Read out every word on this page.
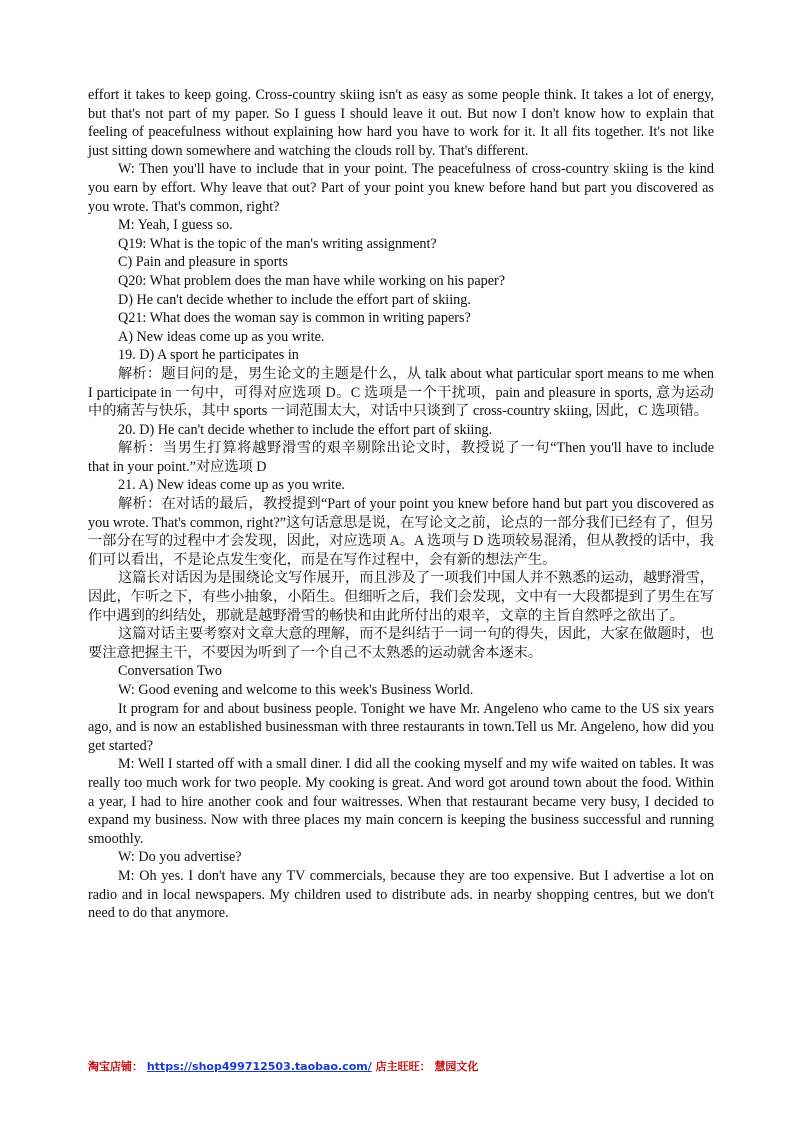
effort it takes to keep going. Cross-country skiing isn't as easy as some people think. It takes a lot of energy, but that's not part of my paper. So I guess I should leave it out. But now I don't know how to explain that feeling of peacefulness without explaining how hard you have to work for it. It all fits together. It's not like just sitting down somewhere and watching the clouds roll by. That's different.

W: Then you'll have to include that in your point. The peacefulness of cross-country skiing is the kind you earn by effort. Why leave that out? Part of your point you knew before hand but part you discovered as you wrote. That's common, right?

M: Yeah, I guess so.

Q19: What is the topic of the man's writing assignment?

C) Pain and pleasure in sports

Q20: What problem does the man have while working on his paper?

D) He can't decide whether to include the effort part of skiing.

Q21: What does the woman say is common in writing papers?

A) New ideas come up as you write.

19. D) A sport he participates in

解析：题目问的是，男生论文的主题是什么，从 talk about what particular sport means to me when I participate in 一句中，可得对应选项 D。C 选项是一个干扰项，pain and pleasure in sports, 意为运动中的痛苦与快乐，其中 sports 一词范围太大，对话中只谈到了 cross-country skiing, 因此，C 选项错。

20. D) He can't decide whether to include the effort part of skiing.

解析：当男生打算将越野滑雪的艰辛剔除出论文时，教授说了一句“Then you'll have to include that in your point.”对应选项 D

21. A) New ideas come up as you write.

解析：在对话的最后，教授提到“Part of your point you knew before hand but part you discovered as you wrote. That's common, right?”这句话意思是说，在写论文之前，论点的一部分我们已经有了，但另一部分在写的过程中才会发现，因此，对应选项 A。A 选项与 D 选项较易混淆，但从教授的话中，我们可以看出，不是论点发生变化，而是在写作过程中，会有新的想法产生。

这篇长对话因为是围绕论文写作展开，而且涉及了一项我们中国人并不熟悉的运动，越野滑雪，因此，乍听之下，有些小抽象，小陌生。但细听之后，我们会发现，文中有一大段都提到了男生在写作中遇到的纠结处，那就是越野滑雪的畅快和由此所付出的艰辛，文章的主旨自然呼之欲出了。

这篇对话主要考察对文章大意的理解，而不是纠结于一词一句的得失，因此，大家在做题时，也要注意把握主干，不要因为听到了一个自己不太熟悉的运动就舍本逐末。

Conversation Two

W: Good evening and welcome to this week's Business World.

It program for and about business people. Tonight we have Mr. Angeleno who came to the US six years ago, and is now an established businessman with three restaurants in town.Tell us Mr. Angeleno, how did you get started?

M: Well I started off with a small diner. I did all the cooking myself and my wife waited on tables. It was really too much work for two people. My cooking is great. And word got around town about the food. Within a year, I had to hire another cook and four waitresses. When that restaurant became very busy, I decided to expand my business. Now with three places my main concern is keeping the business successful and running smoothly.

W: Do you advertise?

M: Oh yes. I don't have any TV commercials, because they are too expensive. But I advertise a lot on radio and in local newspapers. My children used to distribute ads. in nearby shopping centres, but we don't need to do that anymore.

淘宝店铺： https://shop499712503.taobao.com/ 店主旺旺： 慧园文化
